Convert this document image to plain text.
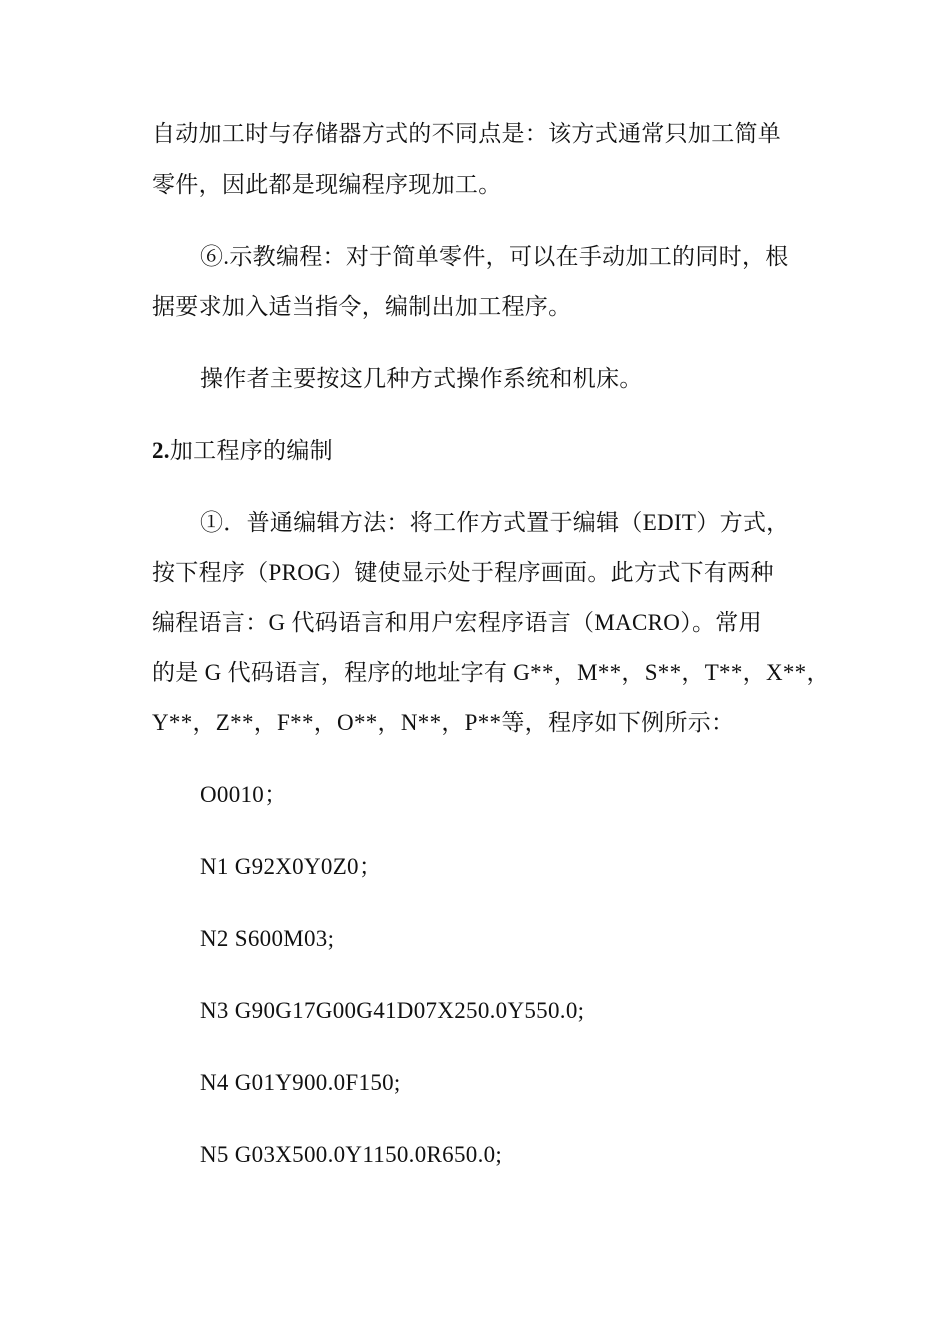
自动加工时与存储器方式的不同点是：该方式通常只加工简单
零件，因此都是现编程序现加工。
⑥.示教编程：对于简单零件，可以在手动加工的同时，根
据要求加入适当指令，编制出加工程序。
操作者主要按这几种方式操作系统和机床。
2.加工程序的编制
①．普通编辑方法：将工作方式置于编辑（EDIT）方式，
按下程序（PROG）键使显示处于程序画面。此方式下有两种
编程语言：G 代码语言和用户宏程序语言（MACRO）。常用
的是 G 代码语言，程序的地址字有 G**，M**，S**，T**，X**，
Y**，Z**，F**，O**，N**，P**等，程序如下例所示：
O0010；
N1 G92X0Y0Z0；
N2 S600M03;
N3 G90G17G00G41D07X250.0Y550.0;
N4 G01Y900.0F150;
N5 G03X500.0Y1150.0R650.0;
